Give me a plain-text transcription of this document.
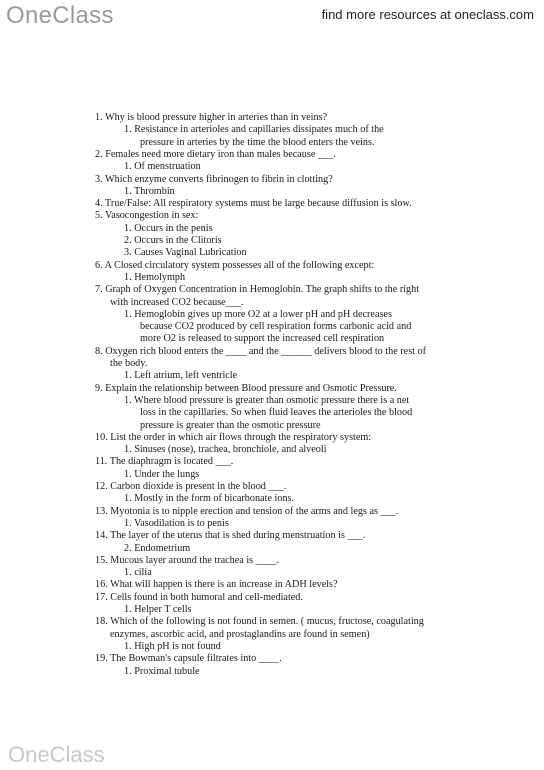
OneClass	find more resources at oneclass.com
1. Why is blood pressure higher in arteries than in veins?
1. Resistance in arterioles and capillaries dissipates much of the
pressure in arteries by the time the blood enters the veins.
2. Females need more dietary iron than males because ___.
1. Of menstruation
3. Which enzyme converts fibrinogen to fibrin in clotting?
1. Thrombin
4. True/False: All respiratory systems must be large because diffusion is slow.
5. Vasocongestion in sex:
1. Occurs in the penis
2. Occurs in the Clitoris
3. Causes Vaginal Lubrication
6. A Closed circulatory system possesses all of the following except:
1. Hemolymph
7. Graph of Oxygen Concentration in Hemoglobin. The graph shifts to the right
with increased CO2 because___.
1. Hemoglobin gives up more O2 at a lower pH and pH decreases
because CO2 produced by cell respiration forms carbonic acid and
more O2 is released to support the increased cell respiration
8. Oxygen rich blood enters the ____ and the ______ delivers blood to the rest of
the body.
1. Left atrium, left ventricle
9. Explain the relationship between Blood pressure and Osmotic Pressure.
1. Where blood pressure is greater than osmotic pressure there is a net
loss in the capillaries. So when fluid leaves the arterioles the blood
pressure is greater than the osmotic pressure
10. List the order in which air flows through the respiratory system:
1. Sinuses (nose), trachea, bronchiole, and alveoli
11. The diaphragm is located ___.
1. Under the lungs
12. Carbon dioxide is present in the blood ___.
1. Mostly in the form of bicarbonate ions.
13. Myotonia is to nipple erection and tension of the arms and legs as ___.
1. Vasodilation is to penis
14. The layer of the uterus that is shed during menstruation is ___.
2. Endometrium
15. Mucous layer around the trachea is ____.
1. cilia
16. What will happen is there is an increase in ADH levels?
17. Cells found in both humoral and cell-mediated.
1. Helper T cells
18. Which of the following is not found in semen. ( mucus, fructose, coagulating
enzymes, ascorbic acid, and prostaglandins are found in semen)
1. High pH is not found
19. The Bowman's capsule filtrates into ____.
1. Proximal tubule
OneClass
